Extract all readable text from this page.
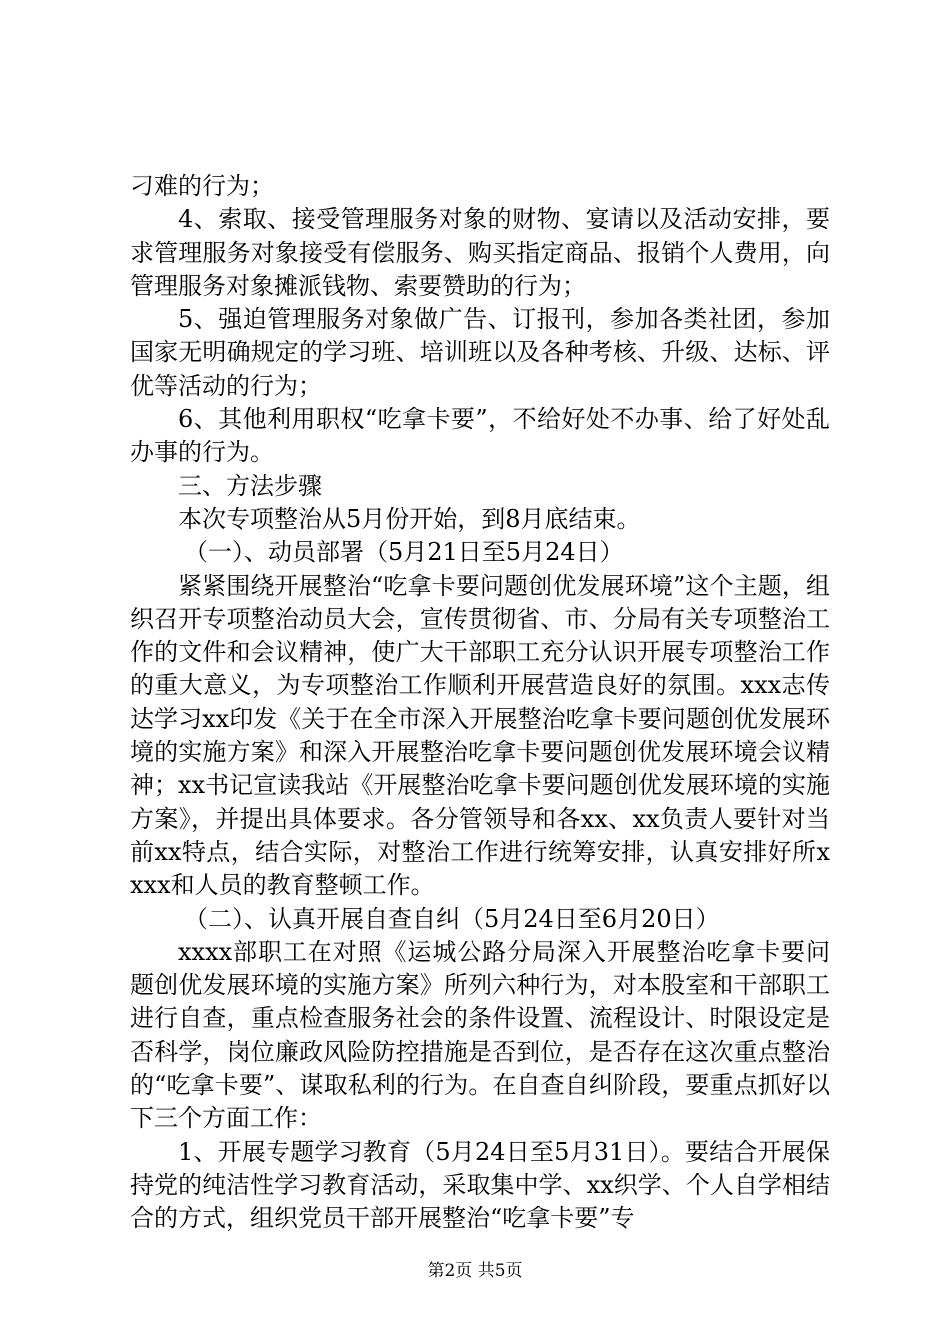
刁难的行为；

4、索取、接受管理服务对象的财物、宴请以及活动安排，要求管理服务对象接受有偿服务、购买指定商品、报销个人费用，向管理服务对象摊派钱物、索要赞助的行为；

5、强迫管理服务对象做广告、订报刊，参加各类社团，参加国家无明确规定的学习班、培训班以及各种考核、升级、达标、评优等活动的行为；

6、其他利用职权“吃拿卡要”，不给好处不办事、给了好处乱办事的行为。

三、方法步骤

本次专项整治从5月份开始，到8月底结束。

（一）、动员部署（5月21日至5月24日）

紧紧围绕开展整治“吃拿卡要问题创优发展环境”这个主题，组织召开专项整治动员大会，宣传贯彻省、市、分局有关专项整治工作的文件和会议精神，使广大干部职工充分认识开展专项整治工作的重大意义，为专项整治工作顺利开展营造良好的氛围。xxx志传达学习xx印发《关于在全市深入开展整治吃拿卡要问题创优发展环境的实施方案》和深入开展整治吃拿卡要问题创优发展环境会议精神；xx书记宣读我站《开展整治吃拿卡要问题创优发展环境的实施方案》，并提出具体要求。各分管领导和各xx、xx负责人要针对当前xx特点，结合实际，对整治工作进行统筹安排，认真安排好所xxxx和人员的教育整顿工作。

（二）、认真开展自查自纠（5月24日至6月20日）

xxxx部职工在对照《运城公路分局深入开展整治吃拿卡要问题创优发展环境的实施方案》所列六种行为，对本股室和干部职工进行自查，重点检查服务社会的条件设置、流程设计、时限设定是否科学，岗位廉政风险防控措施是否到位，是否存在这次重点整治的“吃拿卡要”、谋取私利的行为。在自查自纠阶段，要重点抓好以下三个方面工作：

1、开展专题学习教育（5月24日至5月31日）。要结合开展保持党的纯洁性学习教育活动，采取集中学、xx织学、个人自学相结合的方式，组织党员干部开展整治“吃拿卡要”专

第2页 共5页
